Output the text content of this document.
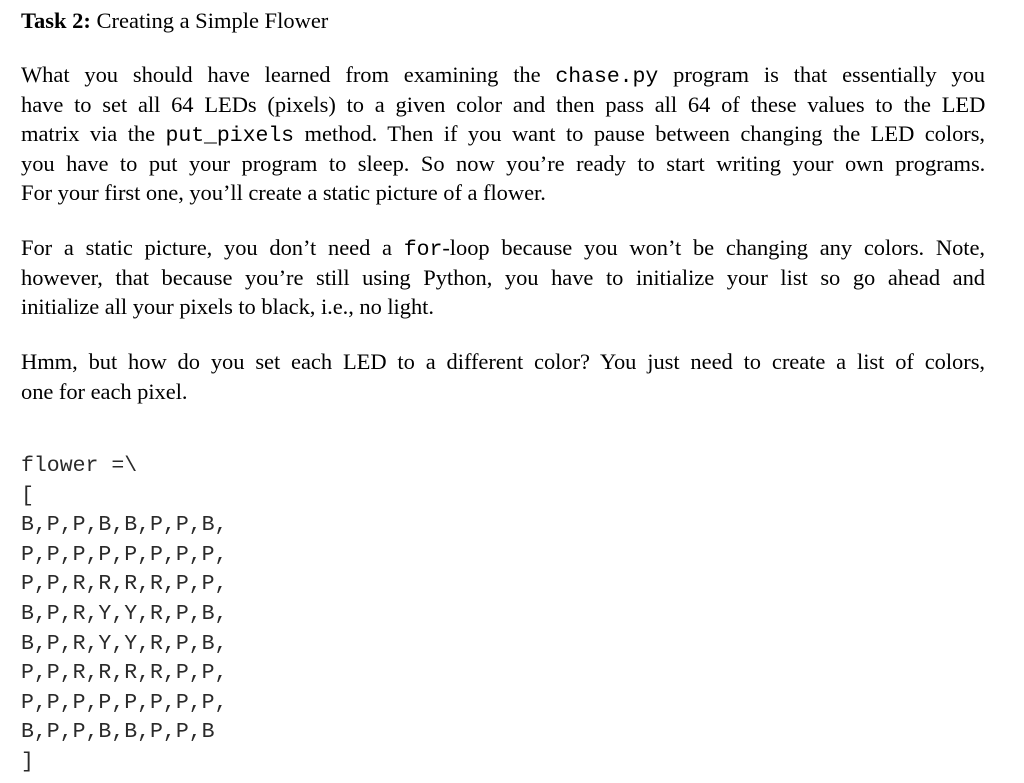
Task 2: Creating a Simple Flower

What you should have learned from examining the chase.py program is that essentially you
have to set all 64 LEDs (pixels) to a given color and then pass all 64 of these values to the LED
matrix via the put_pixels method. Then if you want to pause between changing the LED colors,
you have to put your program to sleep. So now you’re ready to start writing your own programs.
For your first one, you’ll create a static picture of a flower.

For a static picture, you don’t need a for-loop because you won’t be changing any colors. Note,
however, that because you’re still using Python, you have to initialize your list so go ahead and
initialize all your pixels to black, i.e., no light.

Hmm, but how do you set each LED to a different color? You just need to create a list of colors,
one for each pixel.

flower =\
[
B,P,P,B,B,P,P,B,
P,P,P,P,P,P,P,P,
P,P,R,R,R,R,P,P,
B,P,R,Y,Y,R,P,B,
B,P,R,Y,Y,R,P,B,
P,P,R,R,R,R,P,P,
P,P,P,P,P,P,P,P,
B,P,P,B,B,P,P,B
]
